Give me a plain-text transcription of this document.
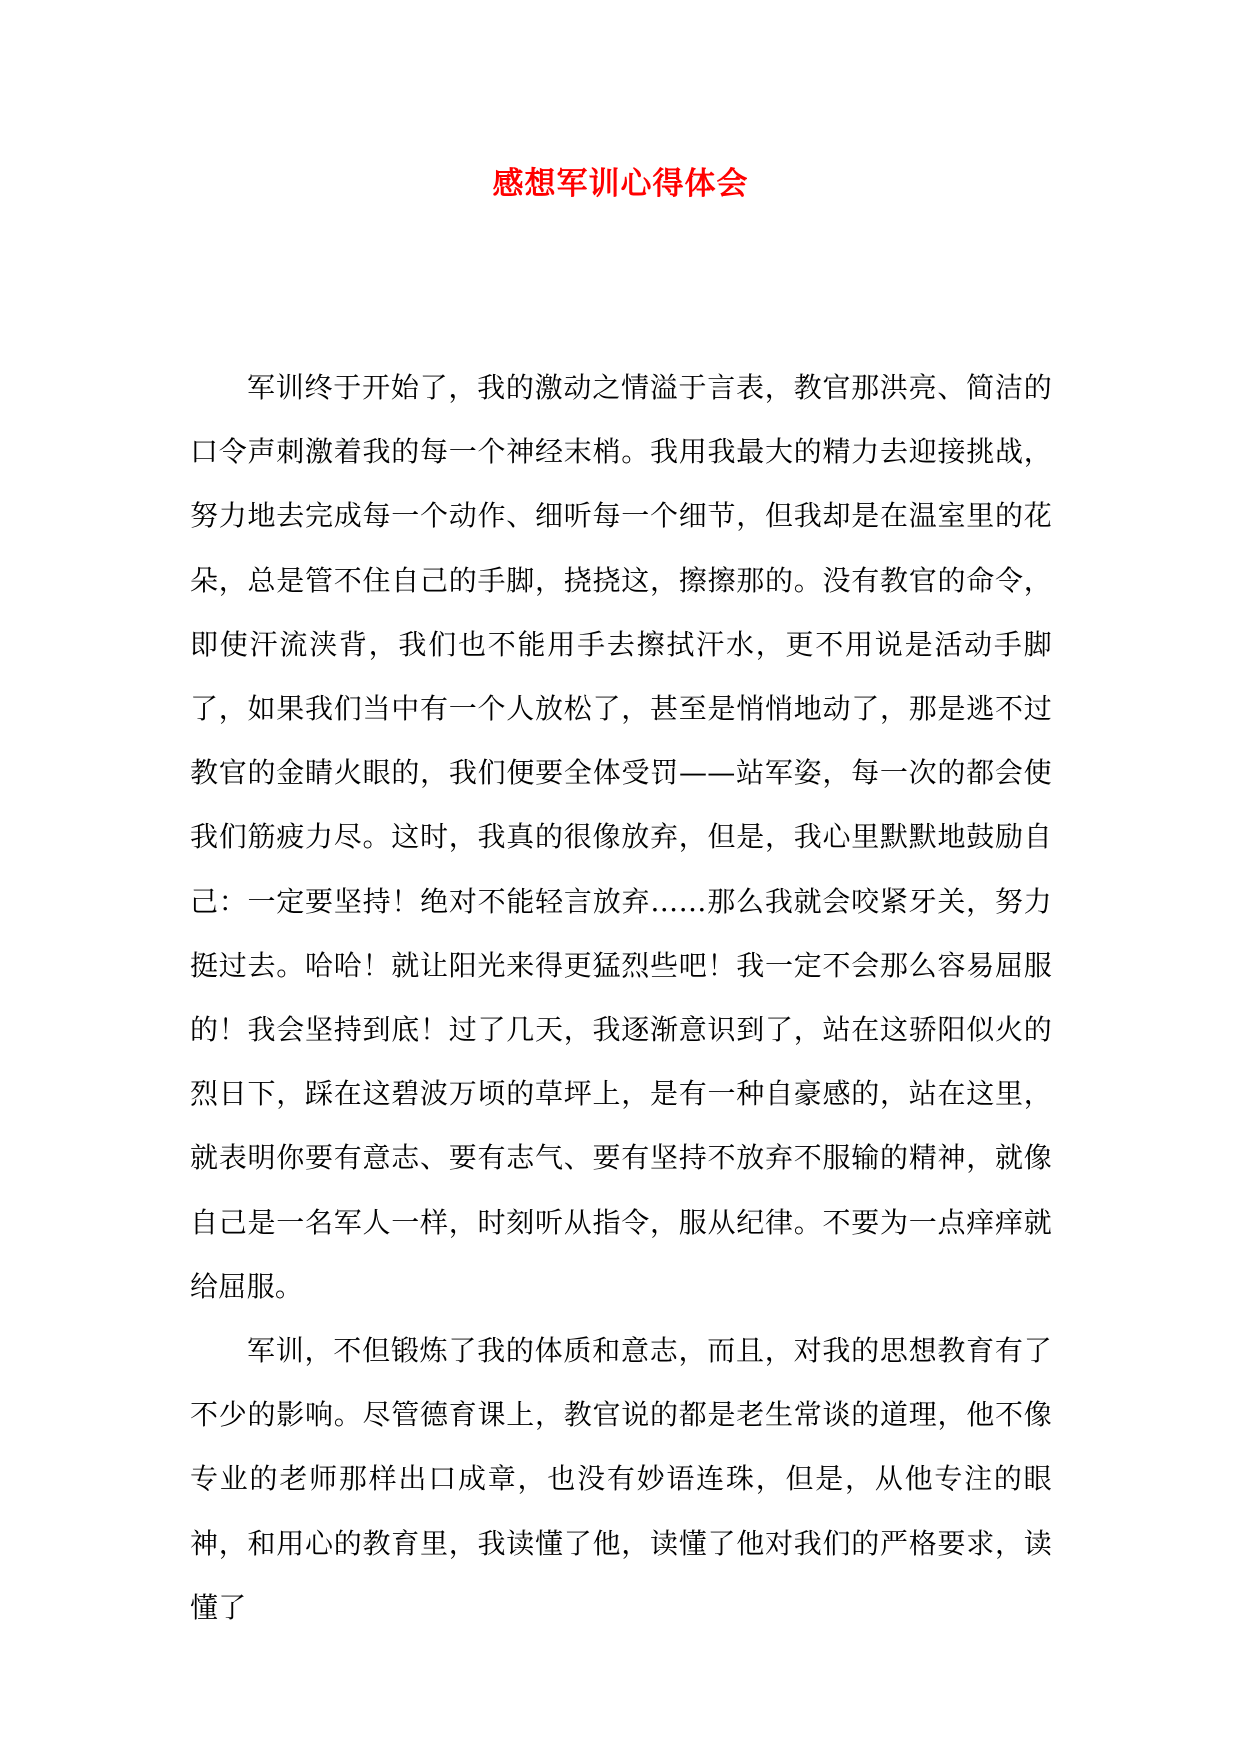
感想军训心得体会

军训终于开始了，我的激动之情溢于言表，教官那洪亮、简洁的口令声刺激着我的每一个神经末梢。我用我最大的精力去迎接挑战，努力地去完成每一个动作、细听每一个细节，但我却是在温室里的花朵，总是管不住自己的手脚，挠挠这，擦擦那的。没有教官的命令，即使汗流浃背，我们也不能用手去擦拭汗水，更不用说是活动手脚了，如果我们当中有一个人放松了，甚至是悄悄地动了，那是逃不过教官的金睛火眼的，我们便要全体受罚——站军姿，每一次的都会使我们筋疲力尽。这时，我真的很像放弃，但是，我心里默默地鼓励自己：一定要坚持！绝对不能轻言放弃……那么我就会咬紧牙关，努力挺过去。哈哈！就让阳光来得更猛烈些吧！我一定不会那么容易屈服的！我会坚持到底！过了几天，我逐渐意识到了，站在这骄阳似火的烈日下，踩在这碧波万顷的草坪上，是有一种自豪感的，站在这里，就表明你要有意志、要有志气、要有坚持不放弃不服输的精神，就像自己是一名军人一样，时刻听从指令，服从纪律。不要为一点痒痒就给屈服。

军训，不但锻炼了我的体质和意志，而且，对我的思想教育有了不少的影响。尽管德育课上，教官说的都是老生常谈的道理，他不像专业的老师那样出口成章，也没有妙语连珠，但是，从他专注的眼神，和用心的教育里，我读懂了他，读懂了他对我们的严格要求，读懂了
